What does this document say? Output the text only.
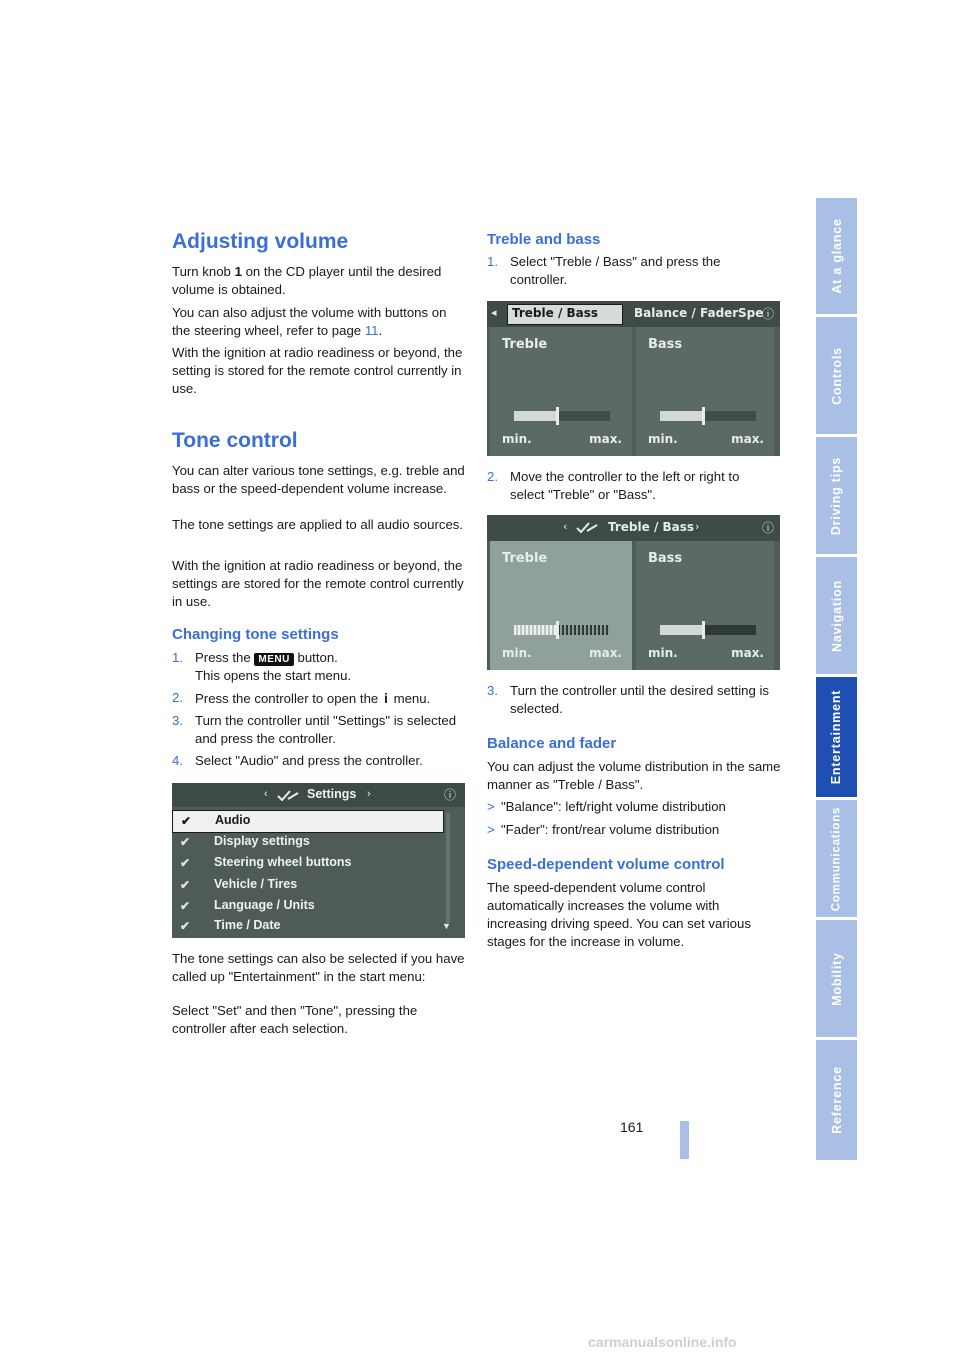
At a glance
Controls
Driving tips
Navigation
Entertainment
Communications
Mobility
Reference
Adjusting volume

Turn knob 1 on the CD player until the desired volume is obtained.

You can also adjust the volume with buttons on the steering wheel, refer to page 11.

With the ignition at radio readiness or beyond, the setting is stored for the remote control currently in use.

Tone control

You can alter various tone settings, e.g. treble and bass or the speed-dependent volume increase.

The tone settings are applied to all audio sources.

With the ignition at radio readiness or beyond, the settings are stored for the remote control currently in use.

Changing tone settings
1. Press the MENU button.
This opens the start menu.
2. Press the controller to open the i menu.
3. Turn the controller until "Settings" is selected and press the controller.
4. Select "Audio" and press the controller.
‹	Settings ›	ⓘ
✔ Audio
✔ Display settings
✔ Steering wheel buttons
✔ Vehicle / Tires
✔ Language / Units
✔ Time / Date	▼

The tone settings can also be selected if you have called up "Entertainment" in the start menu:

Select "Set" and then "Tone", pressing the controller after each selection.

Treble and bass
1. Select "Treble / Bass" and press the controller.
◂ Treble / Bass	Balance / Fader Spe
ⓘ
Treble
min.	max.
Bass
min.	max.
2. Move the controller to the left or right to select "Treble" or "Bass".
‹	Treble / Bass ›	ⓘ
Treble
min.	max.
Bass
min.	max.
3. Turn the controller until the desired setting is selected.
Balance and fader

You can adjust the volume distribution in the same manner as "Treble / Bass".

> "Balance": left/right volume distribution
> "Fader": front/rear volume distribution
Speed-dependent volume control

The speed-dependent volume control automatically increases the volume with increasing driving speed. You can set various stages for the increase in volume.

161
carmanualsonline.info
